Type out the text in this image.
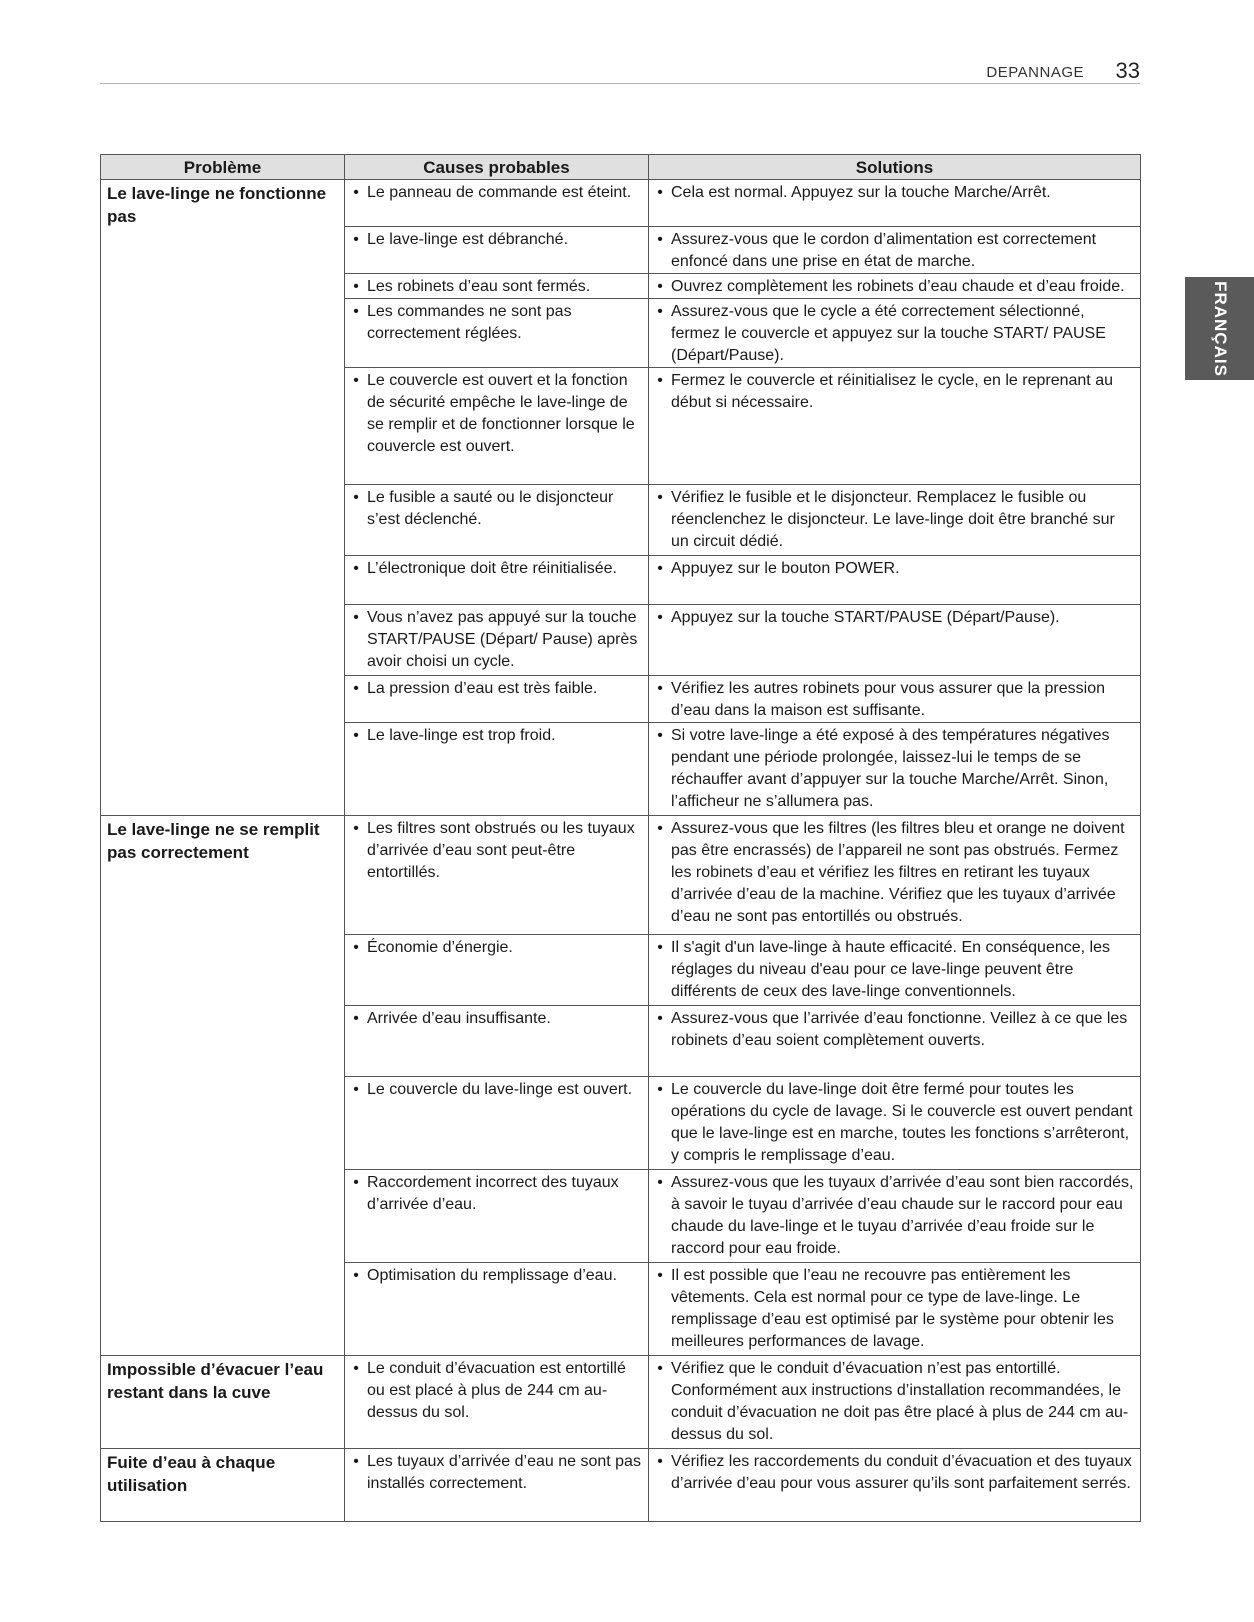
DEPANNAGE 33
FRANÇAIS
Problème	Causes probables	Solutions
Le lave-linge ne fonctionne pas	• Le panneau de commande est éteint.	• Cela est normal. Appuyez sur la touche Marche/Arrêt.

	• Le lave-linge est débranché.	• Assurez-vous que le cordon d’alimentation est correctement enfoncé dans une prise en état de marche.

	• Les robinets d’eau sont fermés.	• Ouvrez complètement les robinets d’eau chaude et d’eau froide.

	• Les commandes ne sont pas correctement réglées.	• Assurez-vous que le cycle a été correctement sélectionné, fermez le couvercle et appuyez sur la touche START/ PAUSE (Départ/Pause).

	• Le couvercle est ouvert et la fonction de sécurité empêche le lave-linge de se remplir et de fonctionner lorsque le couvercle est ouvert.	• Fermez le couvercle et réinitialisez le cycle, en le reprenant au début si nécessaire.

	• Le fusible a sauté ou le disjoncteur s’est déclenché.	• Vérifiez le fusible et le disjoncteur. Remplacez le fusible ou réenclenchez le disjoncteur. Le lave-linge doit être branché sur un circuit dédié.

	• L’électronique doit être réinitialisée.	• Appuyez sur le bouton POWER.

	• Vous n’avez pas appuyé sur la touche START/PAUSE (Départ/ Pause) après avoir choisi un cycle.	• Appuyez sur la touche START/PAUSE (Départ/Pause).

	• La pression d’eau est très faible.	• Vérifiez les autres robinets pour vous assurer que la pression d’eau dans la maison est suffisante.

	• Le lave-linge est trop froid.	• Si votre lave-linge a été exposé à des températures négatives pendant une période prolongée, laissez-lui le temps de se réchauffer avant d’appuyer sur la touche Marche/Arrêt. Sinon, l’afficheur ne s’allumera pas.

Le lave-linge ne se remplit pas correctement	• Les filtres sont obstrués ou les tuyaux d’arrivée d’eau sont peut-être entortillés.	• Assurez-vous que les filtres (les filtres bleu et orange ne doivent pas être encrassés) de l’appareil ne sont pas obstrués. Fermez les robinets d’eau et vérifiez les filtres en retirant les tuyaux d’arrivée d’eau de la machine. Vérifiez que les tuyaux d’arrivée d’eau ne sont pas entortillés ou obstrués.

	• Économie d’énergie.	• Il s'agit d'un lave-linge à haute efficacité. En conséquence, les réglages du niveau d'eau pour ce lave-linge peuvent être différents de ceux des lave-linge conventionnels.

	• Arrivée d’eau insuffisante.	• Assurez-vous que l’arrivée d’eau fonctionne. Veillez à ce que les robinets d’eau soient complètement ouverts.

	• Le couvercle du lave-linge est ouvert.	• Le couvercle du lave-linge doit être fermé pour toutes les opérations du cycle de lavage. Si le couvercle est ouvert pendant que le lave-linge est en marche, toutes les fonctions s’arrêteront, y compris le remplissage d’eau.

	• Raccordement incorrect des tuyaux d’arrivée d’eau.	• Assurez-vous que les tuyaux d’arrivée d’eau sont bien raccordés, à savoir le tuyau d’arrivée d’eau chaude sur le raccord pour eau chaude du lave-linge et le tuyau d’arrivée d’eau froide sur le raccord pour eau froide.

	• Optimisation du remplissage d’eau.	• Il est possible que l’eau ne recouvre pas entièrement les vêtements. Cela est normal pour ce type de lave-linge. Le remplissage d’eau est optimisé par le système pour obtenir les meilleures performances de lavage.

Impossible d’évacuer l’eau restant dans la cuve	• Le conduit d’évacuation est entortillé ou est placé à plus de 244 cm au-dessus du sol.	• Vérifiez que le conduit d’évacuation n’est pas entortillé. Conformément aux instructions d’installation recommandées, le conduit d’évacuation ne doit pas être placé à plus de 244 cm au-dessus du sol.

Fuite d’eau à chaque utilisation	• Les tuyaux d’arrivée d’eau ne sont pas installés correctement.	• Vérifiez les raccordements du conduit d’évacuation et des tuyaux d’arrivée d’eau pour vous assurer qu’ils sont parfaitement serrés.
